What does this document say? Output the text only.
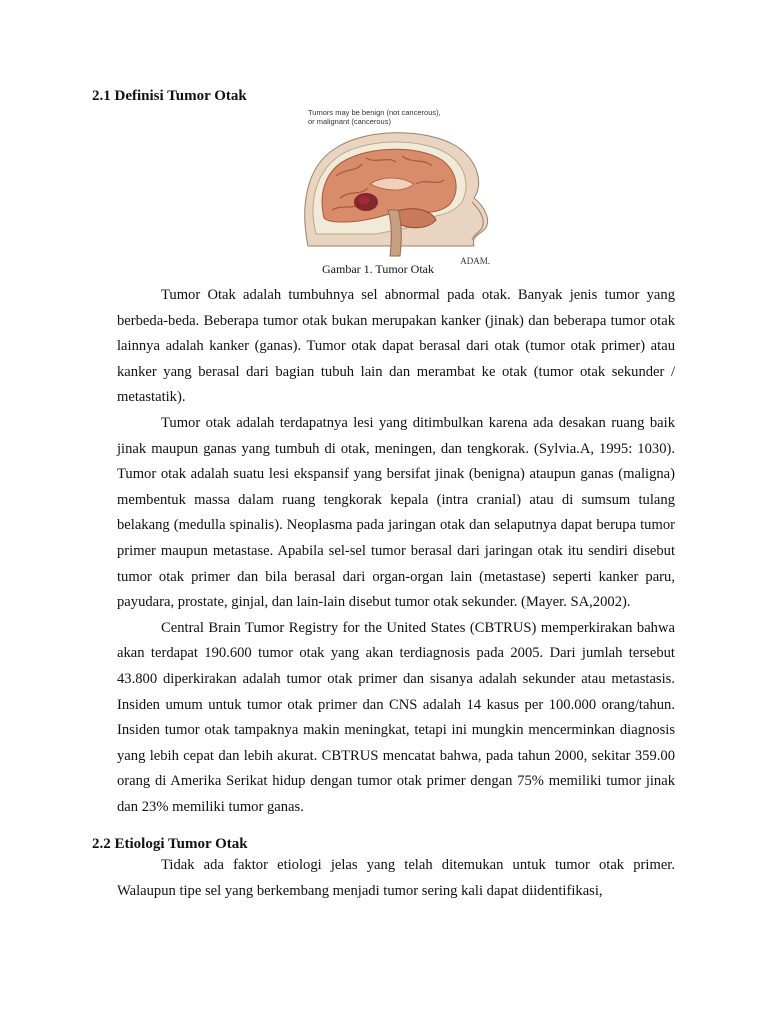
2.1 Definisi Tumor Otak
Tumors may be benign (not cancerous),
or malignant (cancerous)
ADAM.
Gambar 1. Tumor Otak

Tumor Otak adalah tumbuhnya sel abnormal pada otak. Banyak jenis tumor yang berbeda-beda. Beberapa tumor otak bukan merupakan kanker (jinak) dan beberapa tumor otak lainnya adalah kanker (ganas). Tumor otak dapat berasal dari otak (tumor otak primer) atau kanker yang berasal dari bagian tubuh lain dan merambat ke otak (tumor otak sekunder / metastatik).

Tumor otak adalah terdapatnya lesi yang ditimbulkan karena ada desakan ruang baik jinak maupun ganas yang tumbuh di otak, meningen, dan tengkorak. (Sylvia.A, 1995: 1030). Tumor otak adalah suatu lesi ekspansif yang bersifat jinak (benigna) ataupun ganas (maligna) membentuk massa dalam ruang tengkorak kepala (intra cranial) atau di sumsum tulang belakang (medulla spinalis). Neoplasma pada jaringan otak dan selaputnya dapat berupa tumor primer maupun metastase. Apabila sel-sel tumor berasal dari jaringan otak itu sendiri disebut tumor otak primer dan bila berasal dari organ-organ lain (metastase) seperti kanker paru, payudara, prostate, ginjal, dan lain-lain disebut tumor otak sekunder. (Mayer. SA,2002).

Central Brain Tumor Registry for the United States (CBTRUS) memperkirakan bahwa akan terdapat 190.600 tumor otak yang akan terdiagnosis pada 2005. Dari jumlah tersebut 43.800 diperkirakan adalah tumor otak primer dan sisanya adalah sekunder atau metastasis. Insiden umum untuk tumor otak primer dan CNS adalah 14 kasus per 100.000 orang/tahun. Insiden tumor otak tampaknya makin meningkat, tetapi ini mungkin mencerminkan diagnosis yang lebih cepat dan lebih akurat. CBTRUS mencatat bahwa, pada tahun 2000, sekitar 359.00 orang di Amerika Serikat hidup dengan tumor otak primer dengan 75% memiliki tumor jinak dan 23% memiliki tumor ganas.

2.2 Etiologi Tumor Otak

Tidak ada faktor etiologi jelas yang telah ditemukan untuk tumor otak primer. Walaupun tipe sel yang berkembang menjadi tumor sering kali dapat diidentifikasi,
